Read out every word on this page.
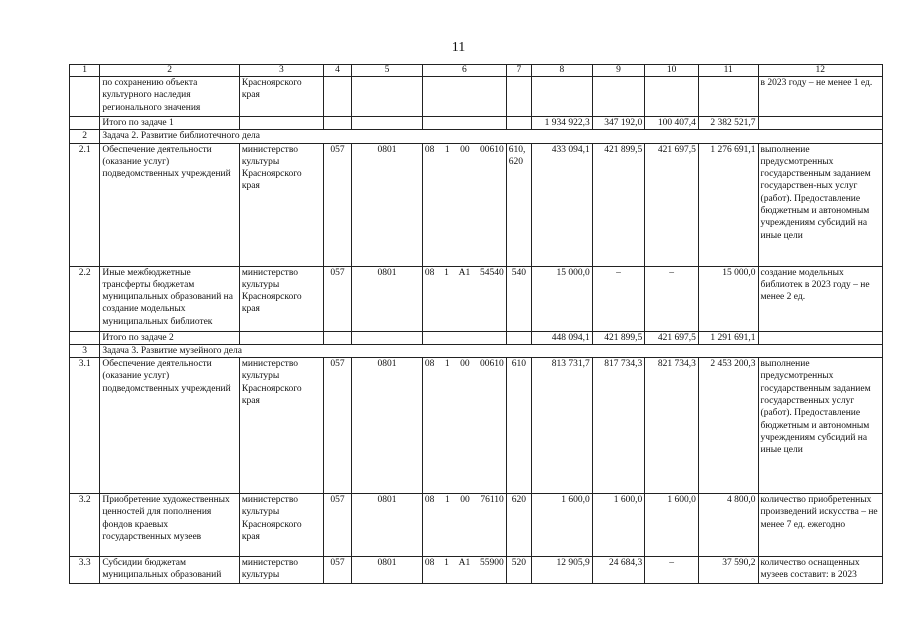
11
1	2	3	4	5	6	7	8	9	10	11	12
	по сохранению объекта культурного наследия регионального значения	Красноярского края									в 2023 году – не менее 1 ед.
	Итого по задаче 1						1 934 922,3	347 192,0	100 407,4	2 382 521,7	
2	Задача 2. Развитие библиотечного дела										
2.1	Обеспечение деятельности (оказание услуг) подведомственных учреждений	министерство культуры Красноярского края	057	0801	08 1 00 00610	610, 620	433 094,1	421 899,5	421 697,5	1 276 691,1	выполнение предусмотренных государственным заданием государствен-ных услуг (работ). Предоставление бюджетным и автономным учреждениям субсидий на иные цели
2.2	Иные межбюджетные трансферты бюджетам муниципальных образований на создание модельных муниципальных библиотек	министерство культуры Красноярского края	057	0801	08 1 А1 54540	540	15 000,0	–	–	15 000,0	создание модельных библиотек в 2023 году – не менее 2 ед.
	Итого по задаче 2						448 094,1	421 899,5	421 697,5	1 291 691,1	
3	Задача 3. Развитие музейного дела										
3.1	Обеспечение деятельности (оказание услуг) подведомственных учреждений	министерство культуры Красноярского края	057	0801	08 1 00 00610	610	813 731,7	817 734,3	821 734,3	2 453 200,3	выполнение предусмотренных государственным заданием государственных услуг (работ). Предоставление бюджетным и автономным учреждениям субсидий на иные цели
3.2	Приобретение художественных ценностей для пополнения фондов краевых государственных музеев	министерство культуры Красноярского края	057	0801	08 1 00 76110	620	1 600,0	1 600,0	1 600,0	4 800,0	количество приобретенных произведений искусства – не менее 7 ед. ежегодно
3.3	Субсидии бюджетам муниципальных образований	министерство культуры	057	0801	08 1 А1 55900	520	12 905,9	24 684,3	–	37 590,2	количество оснащенных музеев составит: в 2023
